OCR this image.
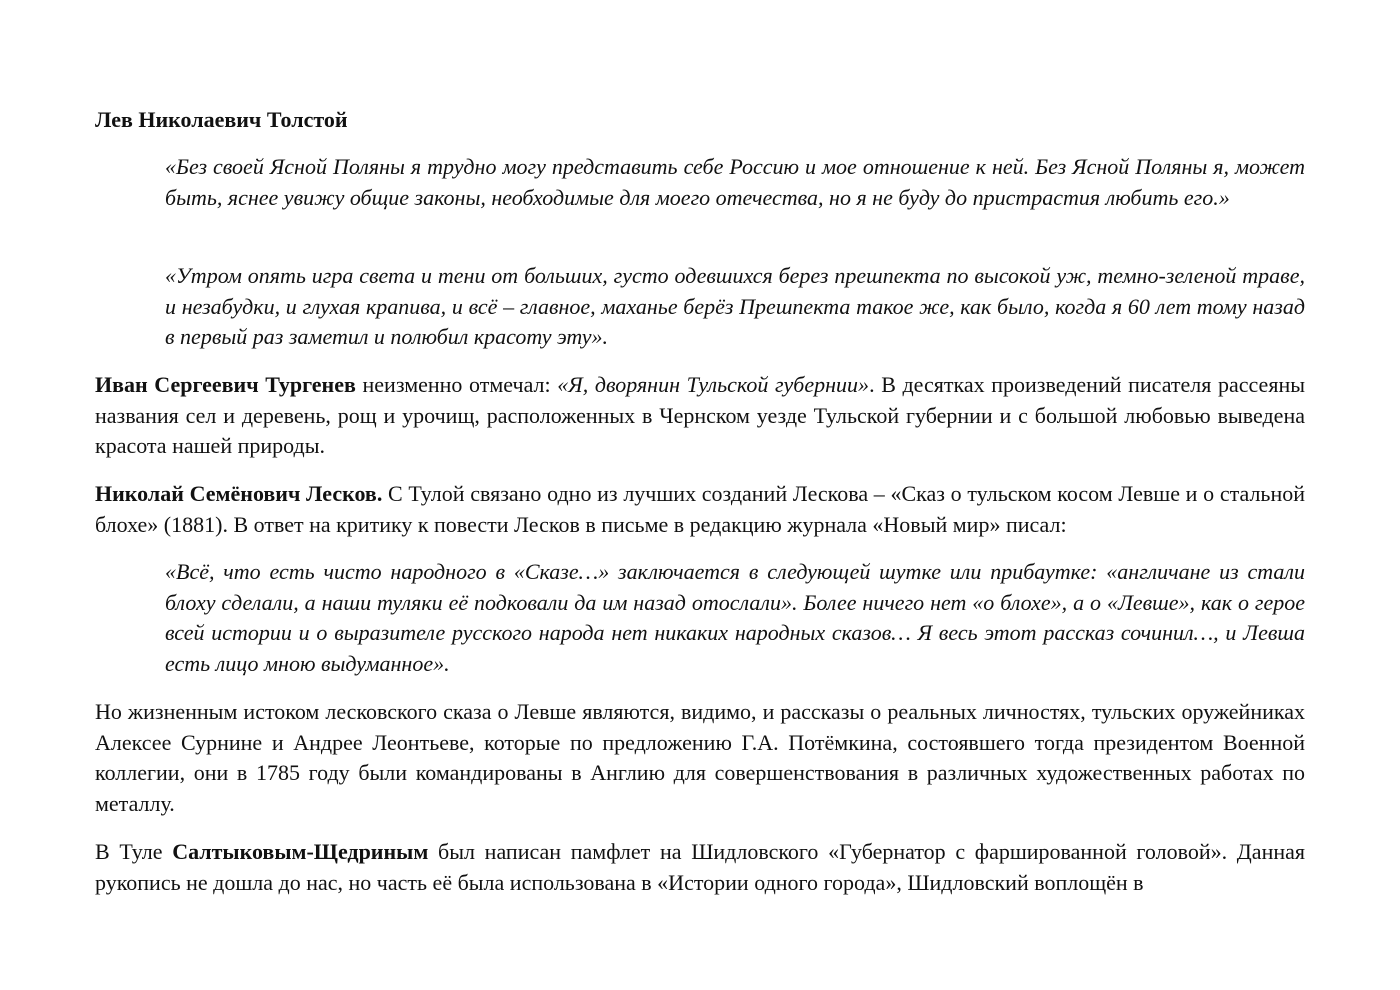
Лев Николаевич Толстой

«Без своей Ясной Поляны я трудно могу представить себе Россию и мое отношение к ней. Без Ясной Поляны я, может быть, яснее увижу общие законы, необходимые для моего отечества, но я не буду до пристрастия любить его.»

«Утром опять игра света и тени от больших, густо одевшихся берез прешпекта по высокой уж, темно-зеленой траве, и незабудки, и глухая крапива, и всё – главное, маханье берёз Прешпекта такое же, как было, когда я 60 лет тому назад в первый раз заметил и полюбил красоту эту».

Иван Сергеевич Тургенев неизменно отмечал: «Я, дворянин Тульской губернии». В десятках произведений писателя рассеяны названия сел и деревень, рощ и урочищ, расположенных в Чернском уезде Тульской губернии и с большой любовью выведена красота нашей природы.

Николай Семёнович Лесков. С Тулой связано одно из лучших созданий Лескова – «Сказ о тульском косом Левше и о стальной блохе» (1881). В ответ на критику к повести Лесков в письме в редакцию журнала «Новый мир» писал:

«Всё, что есть чисто народного в «Сказе…» заключается в следующей шутке или прибаутке: «англичане из стали блоху сделали, а наши туляки её подковали да им назад отослали». Более ничего нет «о блохе», а о «Левше», как о герое всей истории и о выразителе русского народа нет никаких народных сказов… Я весь этот рассказ сочинил…, и Левша есть лицо мною выдуманное».

Но жизненным истоком лесковского сказа о Левше являются, видимо, и рассказы о реальных личностях, тульских оружейниках Алексее Сурнине и Андрее Леонтьеве, которые по предложению Г.А. Потёмкина, состоявшего тогда президентом Военной коллегии, они в 1785 году были командированы в Англию для совершенствования в различных художественных работах по металлу.

В Туле Салтыковым-Щедриным был написан памфлет на Шидловского «Губернатор с фаршированной головой». Данная рукопись не дошла до нас, но часть её была использована в «Истории одного города», Шидловский воплощён в
